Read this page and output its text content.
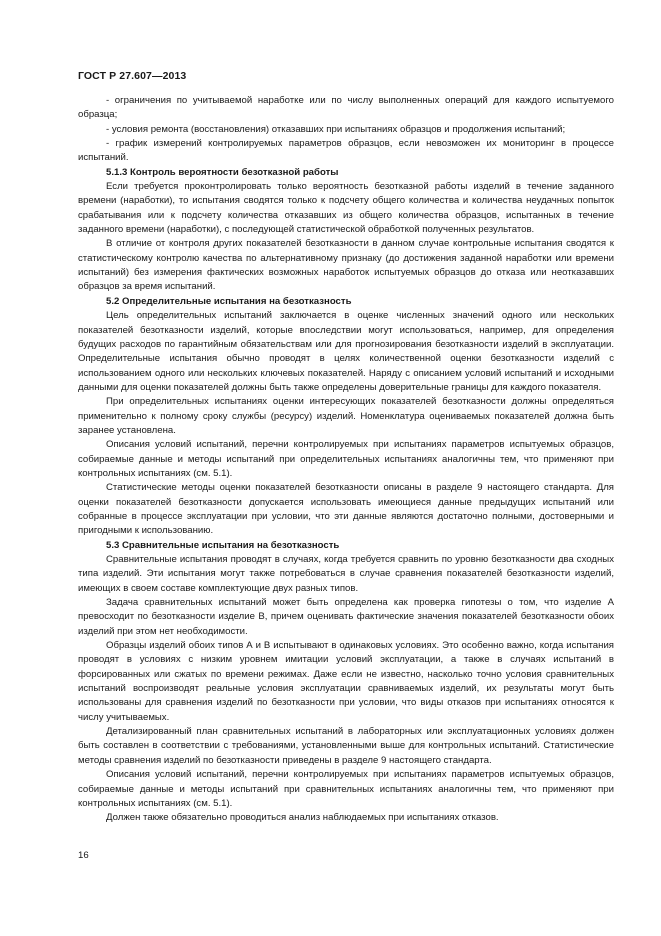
ГОСТ Р 27.607—2013

- ограничения по учитываемой наработке или по числу выполненных операций для каждого испытуемого образца;

- условия ремонта (восстановления) отказавших при испытаниях образцов и продолжения испытаний;

- график измерений контролируемых параметров образцов, если невозможен их мониторинг в процессе испытаний.

5.1.3 Контроль вероятности безотказной работы

Если требуется проконтролировать только вероятность безотказной работы изделий в течение заданного времени (наработки), то испытания сводятся только к подсчету общего количества и количества неудачных попыток срабатывания или к подсчету количества отказавших из общего количества образцов, испытанных в течение заданного времени (наработки), с последующей статистической обработкой полученных результатов.

В отличие от контроля других показателей безотказности в данном случае контрольные испытания сводятся к статистическому контролю качества по альтернативному признаку (до достижения заданной наработки или времени испытаний) без измерения фактических возможных наработок испытуемых образцов до отказа или неотказавших образцов за время испытаний.

5.2 Определительные испытания на безотказность

Цель определительных испытаний заключается в оценке численных значений одного или нескольких показателей безотказности изделий, которые впоследствии могут использоваться, например, для определения будущих расходов по гарантийным обязательствам или для прогнозирования безотказности изделий в эксплуатации. Определительные испытания обычно проводят в целях количественной оценки безотказности изделий с использованием одного или нескольких ключевых показателей. Наряду с описанием условий испытаний и исходными данными для оценки показателей должны быть также определены доверительные границы для каждого показателя.

При определительных испытаниях оценки интересующих показателей безотказности должны определяться применительно к полному сроку службы (ресурсу) изделий. Номенклатура оцениваемых показателей должна быть заранее установлена.

Описания условий испытаний, перечни контролируемых при испытаниях параметров испытуемых образцов, собираемые данные и методы испытаний при определительных испытаниях аналогичны тем, что применяют при контрольных испытаниях (см. 5.1).

Статистические методы оценки показателей безотказности описаны в разделе 9 настоящего стандарта. Для оценки показателей безотказности допускается использовать имеющиеся данные предыдущих испытаний или собранные в процессе эксплуатации при условии, что эти данные являются достаточно полными, достоверными и пригодными к использованию.

5.3 Сравнительные испытания на безотказность

Сравнительные испытания проводят в случаях, когда требуется сравнить по уровню безотказности два сходных типа изделий. Эти испытания могут также потребоваться в случае сравнения показателей безотказности изделий, имеющих в своем составе комплектующие двух разных типов.

Задача сравнительных испытаний может быть определена как проверка гипотезы о том, что изделие А превосходит по безотказности изделие В, причем оценивать фактические значения показателей безотказности обоих изделий при этом нет необходимости.

Образцы изделий обоих типов А и В испытывают в одинаковых условиях. Это особенно важно, когда испытания проводят в условиях с низким уровнем имитации условий эксплуатации, а также в случаях испытаний в форсированных или сжатых по времени режимах. Даже если не известно, насколько точно условия сравнительных испытаний воспроизводят реальные условия эксплуатации сравниваемых изделий, их результаты могут быть использованы для сравнения изделий по безотказности при условии, что виды отказов при испытаниях относятся к числу учитываемых.

Детализированный план сравнительных испытаний в лабораторных или эксплуатационных условиях должен быть составлен в соответствии с требованиями, установленными выше для контрольных испытаний. Статистические методы сравнения изделий по безотказности приведены в разделе 9 настоящего стандарта.

Описания условий испытаний, перечни контролируемых при испытаниях параметров испытуемых образцов, собираемые данные и методы испытаний при сравнительных испытаниях аналогичны тем, что применяют при контрольных испытаниях (см. 5.1).

Должен также обязательно проводиться анализ наблюдаемых при испытаниях отказов.

16
